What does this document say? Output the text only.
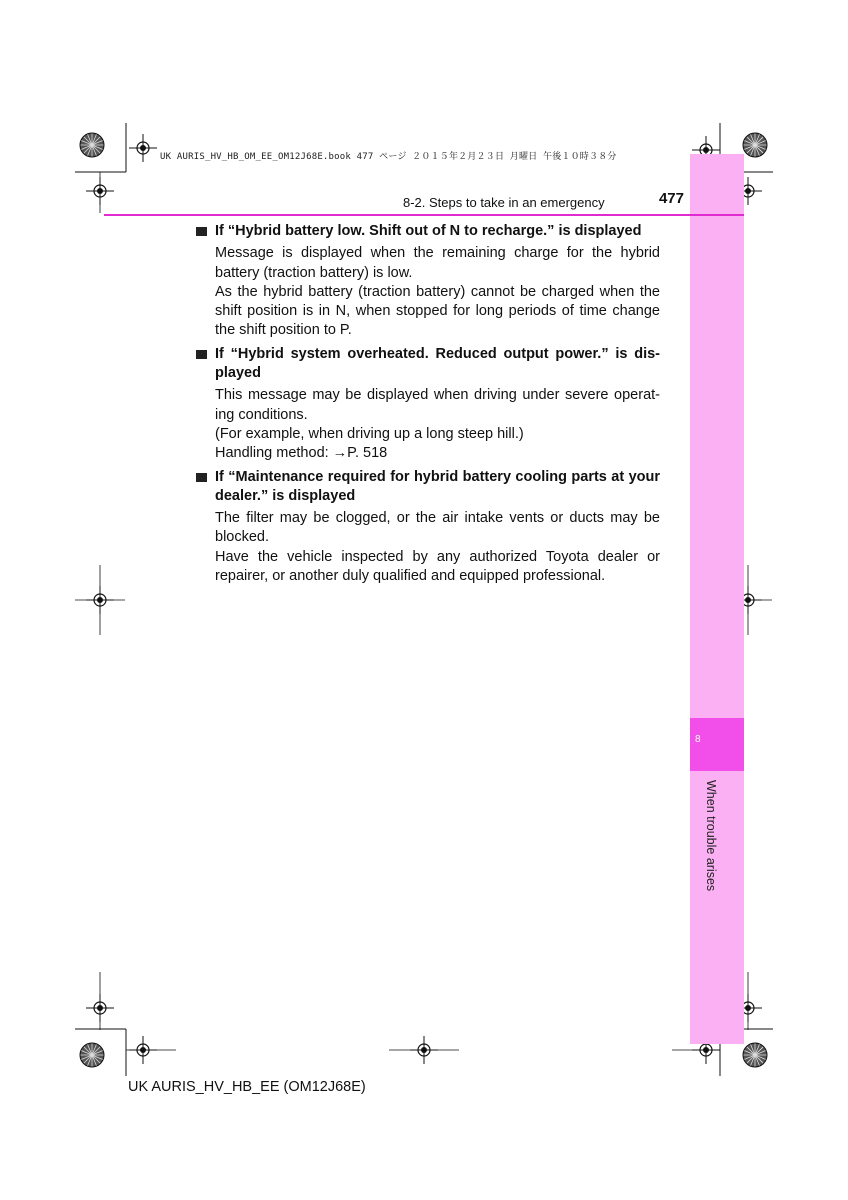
UK AURIS_HV_HB_OM_EE_OM12J68E.book 477 ページ ２０１５年２月２３日 月曜日 午後１０時３８分
8
When trouble arises
8-2. Steps to take in an emergency	477
If “Hybrid battery low. Shift out of N to recharge.” is displayed

Message is displayed when the remaining charge for the hybrid battery (traction battery) is low.

As the hybrid battery (traction battery) cannot be charged when the shift position is in N, when stopped for long periods of time change the shift position to P.

If “Hybrid system overheated. Reduced output power.” is dis-played

This message may be displayed when driving under severe operat-ing conditions.

(For example, when driving up a long steep hill.)

Handling method: →P. 518

If “Maintenance required for hybrid battery cooling parts at your dealer.” is displayed

The filter may be clogged, or the air intake vents or ducts may be blocked.

Have the vehicle inspected by any authorized Toyota dealer or repairer, or another duly qualified and equipped professional.

UK AURIS_HV_HB_EE (OM12J68E)
